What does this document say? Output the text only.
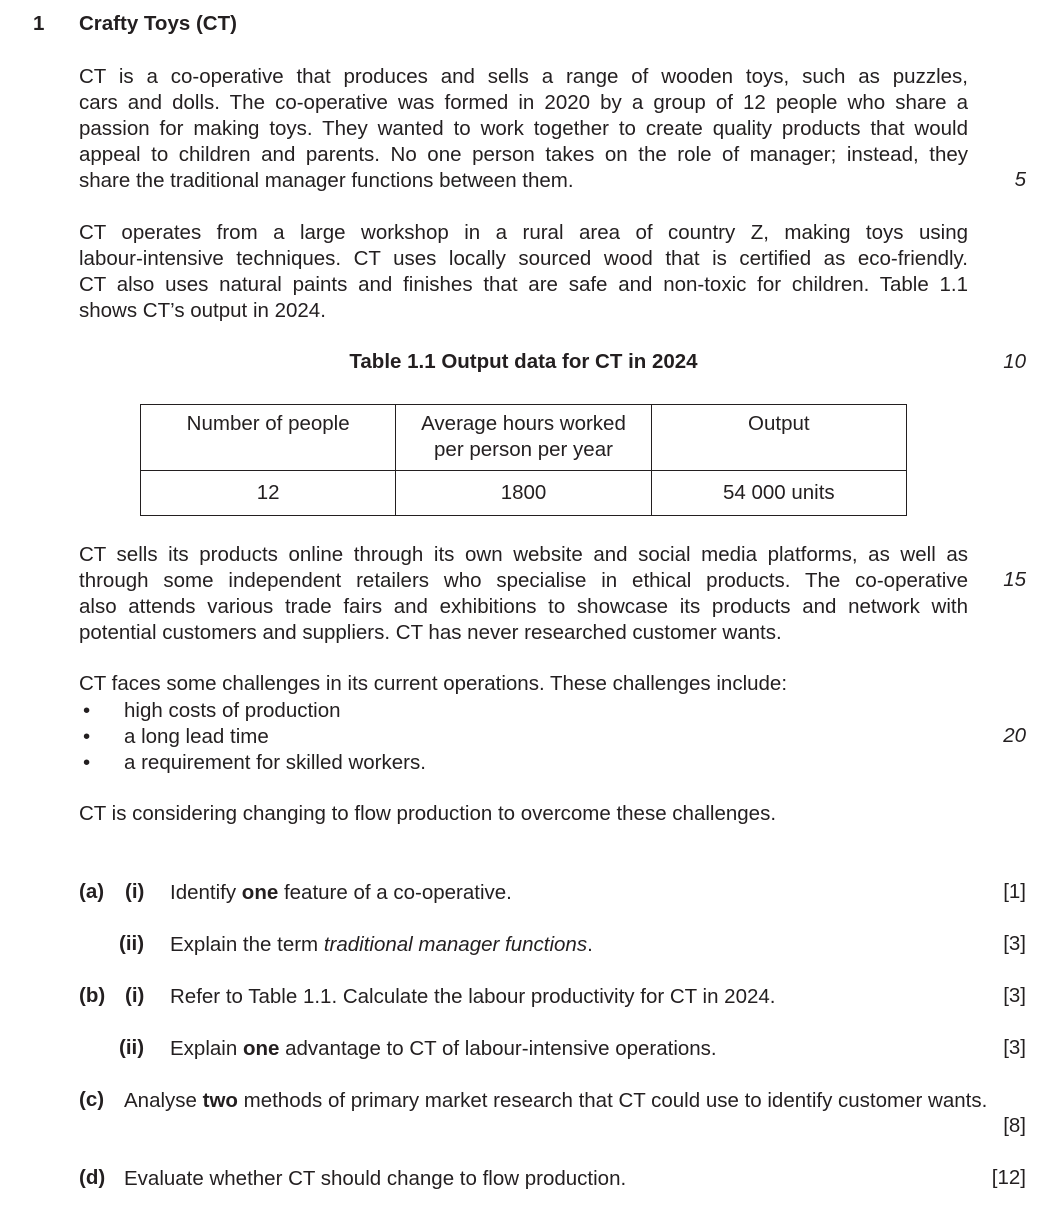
1 Crafty Toys (CT)
CT is a co-operative that produces and sells a range of wooden toys, such as puzzles,
cars and dolls. The co-operative was formed in 2020 by a group of 12 people who share a
passion for making toys. They wanted to work together to create quality products that would
appeal to children and parents. No one person takes on the role of manager; instead, they
share the traditional manager functions between them.	5
CT operates from a large workshop in a rural area of country Z, making toys using
labour-intensive techniques. CT uses locally sourced wood that is certified as eco-friendly.
CT also uses natural paints and finishes that are safe and non-toxic for children. Table 1.1
shows CT’s output in 2024.
Table 1.1 Output data for CT in 2024	10
Number of people	Average hours worked
per person per year	Output
12	1800	54 000 units
CT sells its products online through its own website and social media platforms, as well as
through some independent retailers who specialise in ethical products. The co-operative
also attends various trade fairs and exhibitions to showcase its products and network with
potential customers and suppliers. CT has never researched customer wants.
15
CT faces some challenges in its current operations. These challenges include:
•	high costs of production
•	a long lead time
•	a requirement for skilled workers.
20
CT is considering changing to flow production to overcome these challenges.
(a) (i) Identify one feature of a co-operative.	[1]
(ii) Explain the term traditional manager functions.	[3]
(b) (i) Refer to Table 1.1. Calculate the labour productivity for CT in 2024.	[3]
(ii) Explain one advantage to CT of labour-intensive operations.	[3]
(c) Analyse two methods of primary market research that CT could use to identify customer wants.
[8]
(d) Evaluate whether CT should change to flow production.	[12]
